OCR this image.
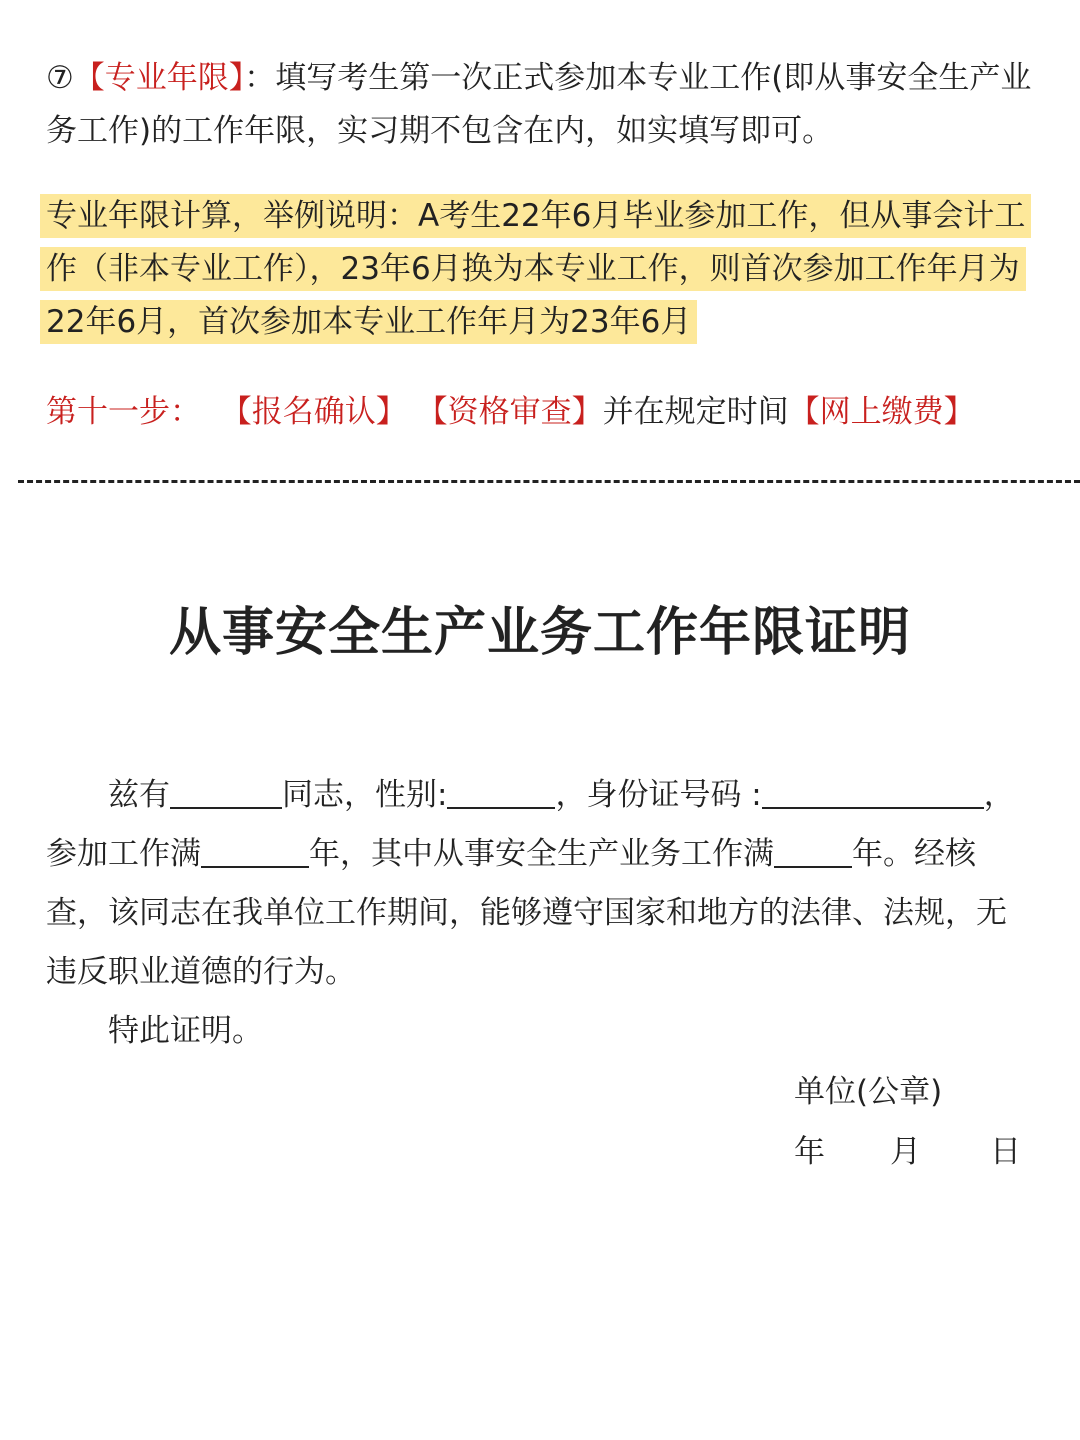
⑦【专业年限】：填写考生第一次正式参加本专业工作(即从事安全生产业务工作)的工作年限，实习期不包含在内，如实填写即可。

专业年限计算，举例说明：A考生22年6月毕业参加工作，但从事会计工作（非本专业工作），23年6月换为本专业工作，则首次参加工作年月为22年6月，首次参加本专业工作年月为23年6月

第十一步： 【报名确认】 【资格审查】并在规定时间【网上缴费】

从事安全生产业务工作年限证明

兹有	同志，性别:	，身份证号码 :	，参加工作满	年，其中从事安全生产业务工作满	年。经核查，该同志在我单位工作期间，能够遵守国家和地方的法律、法规，无违反职业道德的行为。
特此证明。

单位(公章)
年 月 日
